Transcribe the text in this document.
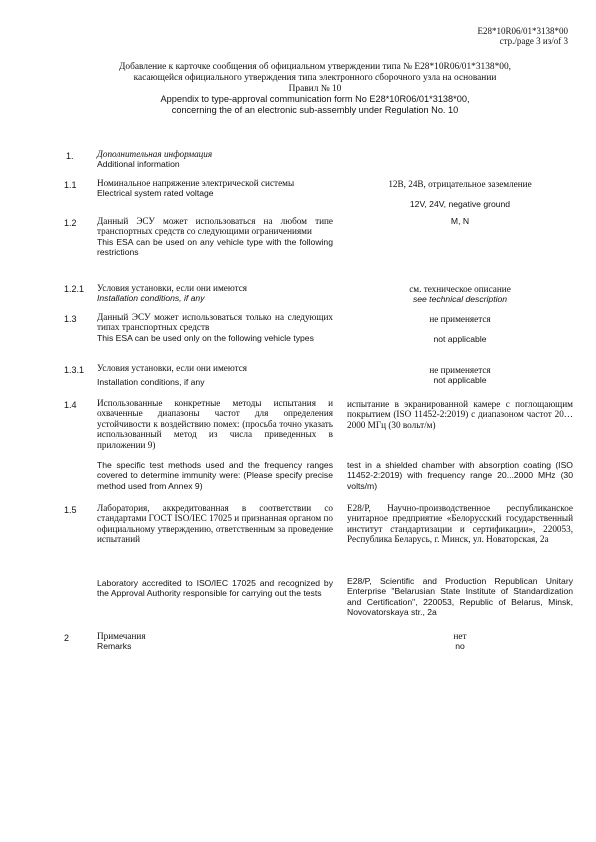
E28*10R06/01*3138*00
стр./page 3 из/of 3
Добавление к карточке сообщения об официальном утверждении типа № E28*10R06/01*3138*00,
касающейся официального утверждения типа электронного сборочного узла на основании
Правил № 10
Appendix to type-approval communication form No E28*10R06/01*3138*00,
concerning the of an electronic sub-assembly under Regulation No. 10
1.	Дополнительная информация
Additional information
1.1 Номинальное напряжение электрической системы
Electrical system rated voltage
12В, 24В, отрицательное заземление
12V, 24V, negative ground
1.2 Данный ЭСУ может использоваться на любом типе транспортных средств со следующими ограничениями
This ESA can be used on any vehicle type with the following restrictions
M, N
1.2.1 Условия установки, если они имеются
Installation conditions, if any
см. техническое описание
see technical description
1.3 Данный ЭСУ может использоваться только на следующих типах транспортных средств
This ESA can be used only on the following vehicle types
не применяется
not applicable
1.3.1 Условия установки, если они имеются
Installation conditions, if any
не применяется
not applicable
1.4 Использованные конкретные методы испытания и охваченные диапазоны частот для определения устойчивости к воздействию помех: (просьба точно указать использованный метод из числа приведенных в приложении 9)
The specific test methods used and the frequency ranges covered to determine immunity were: (Please specify precise method used from Annex 9)
испытание в экранированной камере с поглощающим покрытием (ISO 11452-2:2019) с диапазоном частот 20…2000 МГц (30 вольт/м)
test in a shielded chamber with absorption coating (ISO 11452-2:2019) with frequency range 20...2000 MHz (30 volts/m)
1.5 Лаборатория, аккредитованная в соответствии со стандартами ГОСТ ISO/IEC 17025 и признанная органом по официальному утверждению, ответственным за проведение испытаний
Laboratory accredited to ISO/IEC 17025 and recognized by the Approval Authority responsible for carrying out the tests
E28/P, Научно-производственное республиканское унитарное предприятие «Белорусский государственный институт стандартизации и сертификации», 220053, Республика Беларусь, г. Минск, ул. Новаторская, 2а
E28/P, Scientific and Production Republican Unitary Enterprise "Belarusian State Institute of Standardization and Certification", 220053, Republic of Belarus, Minsk, Novovatorskaya str., 2a
2	Примечания
Remarks
нет
no
